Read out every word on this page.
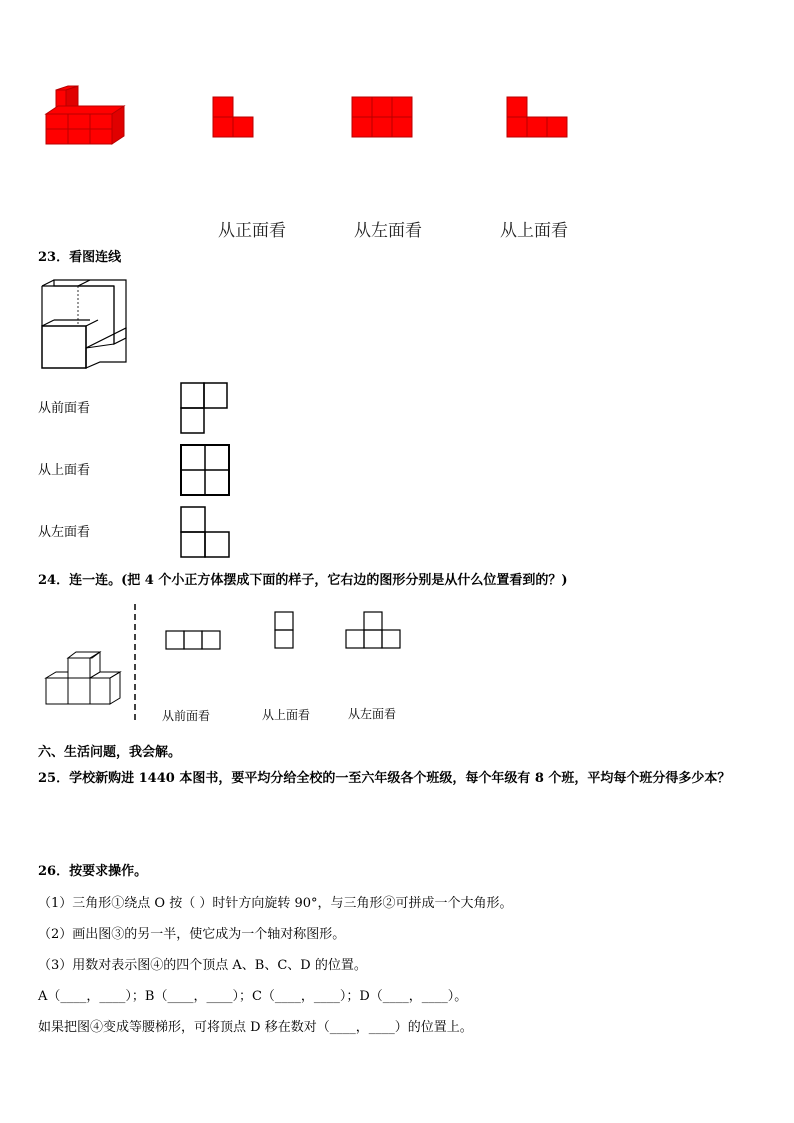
从正面看	从左面看	从上面看
23．看图连线
从前面看
从上面看
从左面看
24．连一连。(把 4 个小正方体摆成下面的样子，它右边的图形分别是从什么位置看到的？)
从前面看	从上面看	从左面看
六、生活问题，我会解。
25．学校新购进 1440 本图书，要平均分给全校的一至六年级各个班级，每个年级有 8 个班，平均每个班分得多少本？
26．按要求操作。
（1）三角形①绕点 O 按（ ）时针方向旋转 90°，与三角形②可拼成一个大角形。
（2）画出图③的另一半，使它成为一个轴对称图形。
（3）用数对表示图④的四个顶点 A、B、C、D 的位置。
A（____，____）；B（____，____）；C（____，____）；D（____，____）。
如果把图④变成等腰梯形，可将顶点 D 移在数对（____，____）的位置上。
